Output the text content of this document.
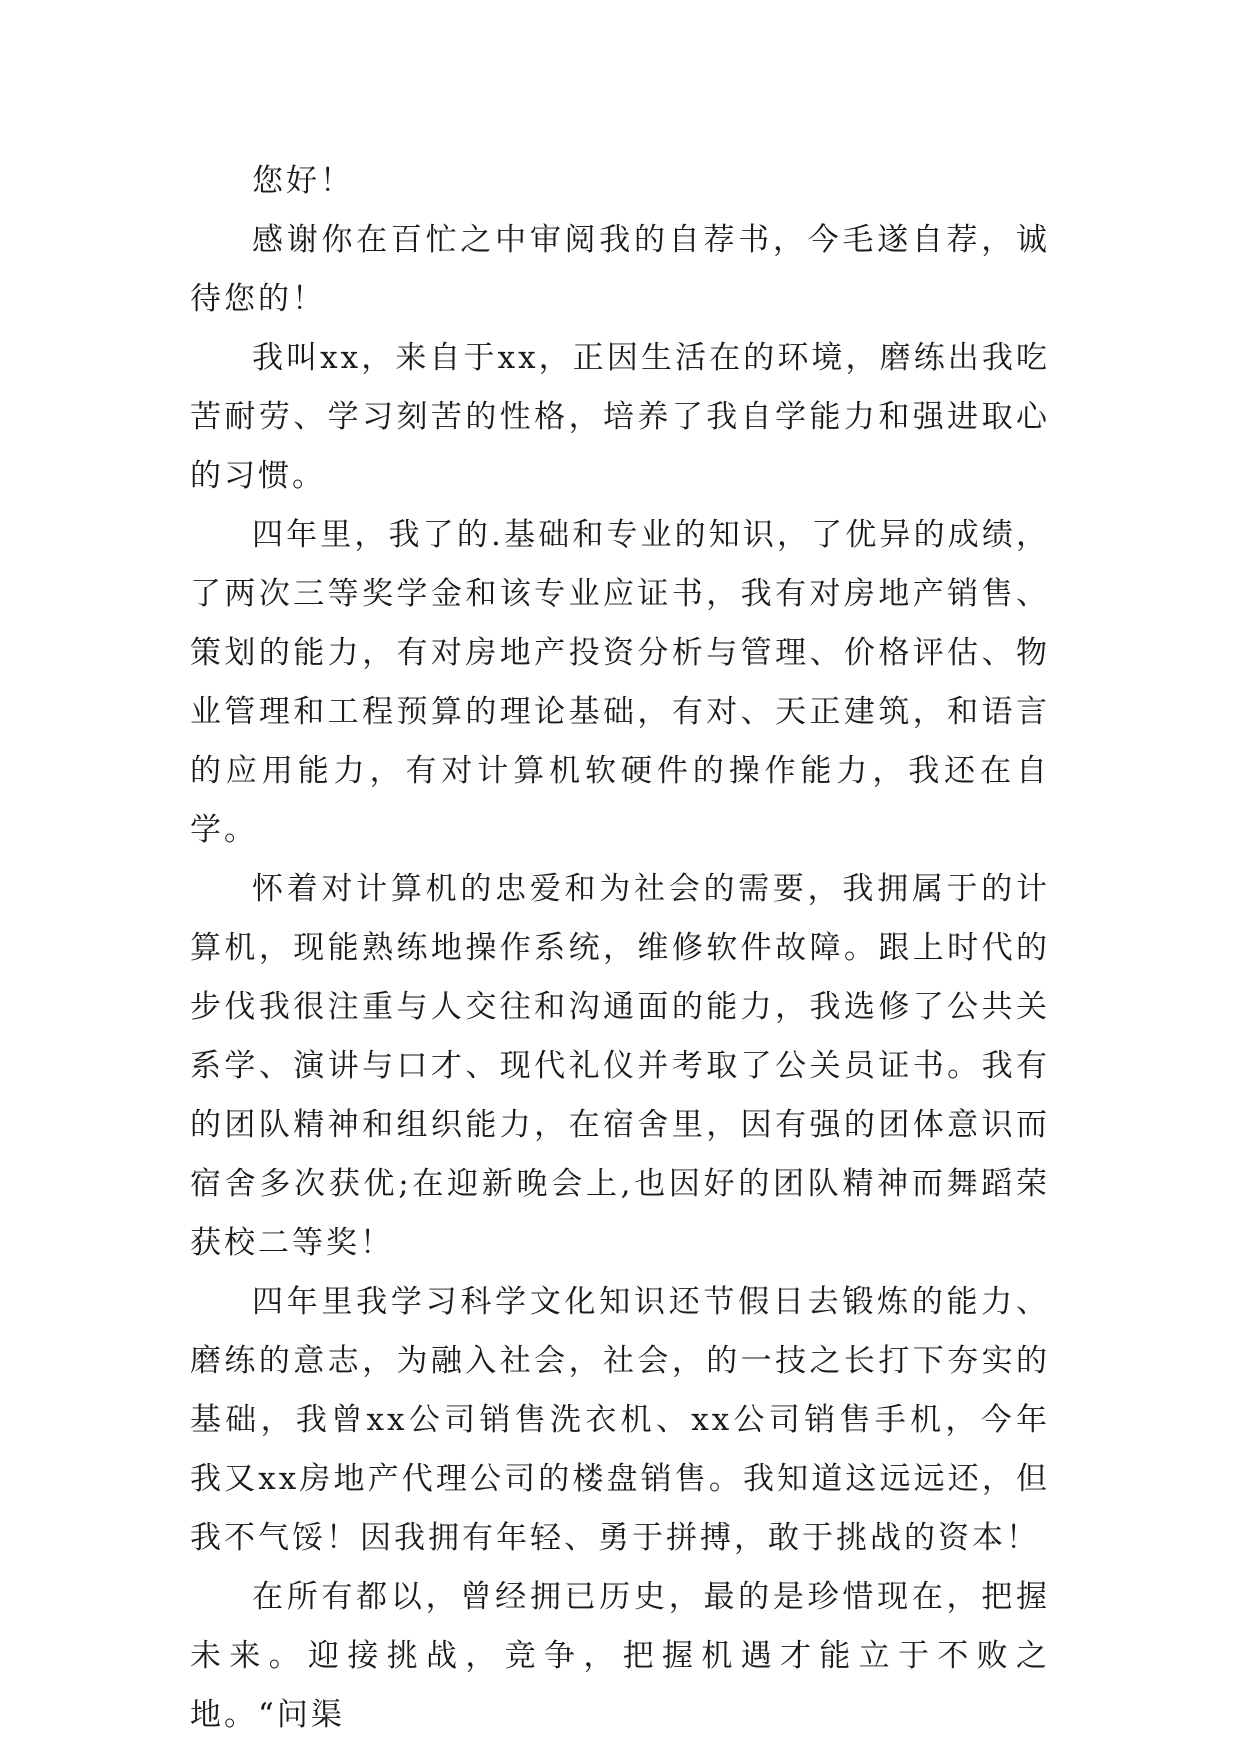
您好！

感谢你在百忙之中审阅我的自荐书，今毛遂自荐，诚待您的！

我叫xx，来自于xx，正因生活在的环境，磨练出我吃苦耐劳、学习刻苦的性格，培养了我自学能力和强进取心的习惯。

四年里，我了的.基础和专业的知识，了优异的成绩，了两次三等奖学金和该专业应证书，我有对房地产销售、策划的能力，有对房地产投资分析与管理、价格评估、物业管理和工程预算的理论基础，有对、天正建筑，和语言的应用能力，有对计算机软硬件的操作能力，我还在自学。

怀着对计算机的忠爱和为社会的需要，我拥属于的计算机，现能熟练地操作系统，维修软件故障。跟上时代的步伐我很注重与人交往和沟通面的能力，我选修了公共关系学、演讲与口才、现代礼仪并考取了公关员证书。我有的团队精神和组织能力，在宿舍里，因有强的团体意识而宿舍多次获优;在迎新晚会上,也因好的团队精神而舞蹈荣获校二等奖！

四年里我学习科学文化知识还节假日去锻炼的能力、磨练的意志，为融入社会，社会，的一技之长打下夯实的基础，我曾xx公司销售洗衣机、xx公司销售手机，今年我又xx房地产代理公司的楼盘销售。我知道这远远还，但我不气馁！因我拥有年轻、勇于拼搏，敢于挑战的资本！

在所有都以，曾经拥已历史，最的是珍惜现在，把握未来。迎接挑战，竞争，把握机遇才能立于不败之地。“问渠
